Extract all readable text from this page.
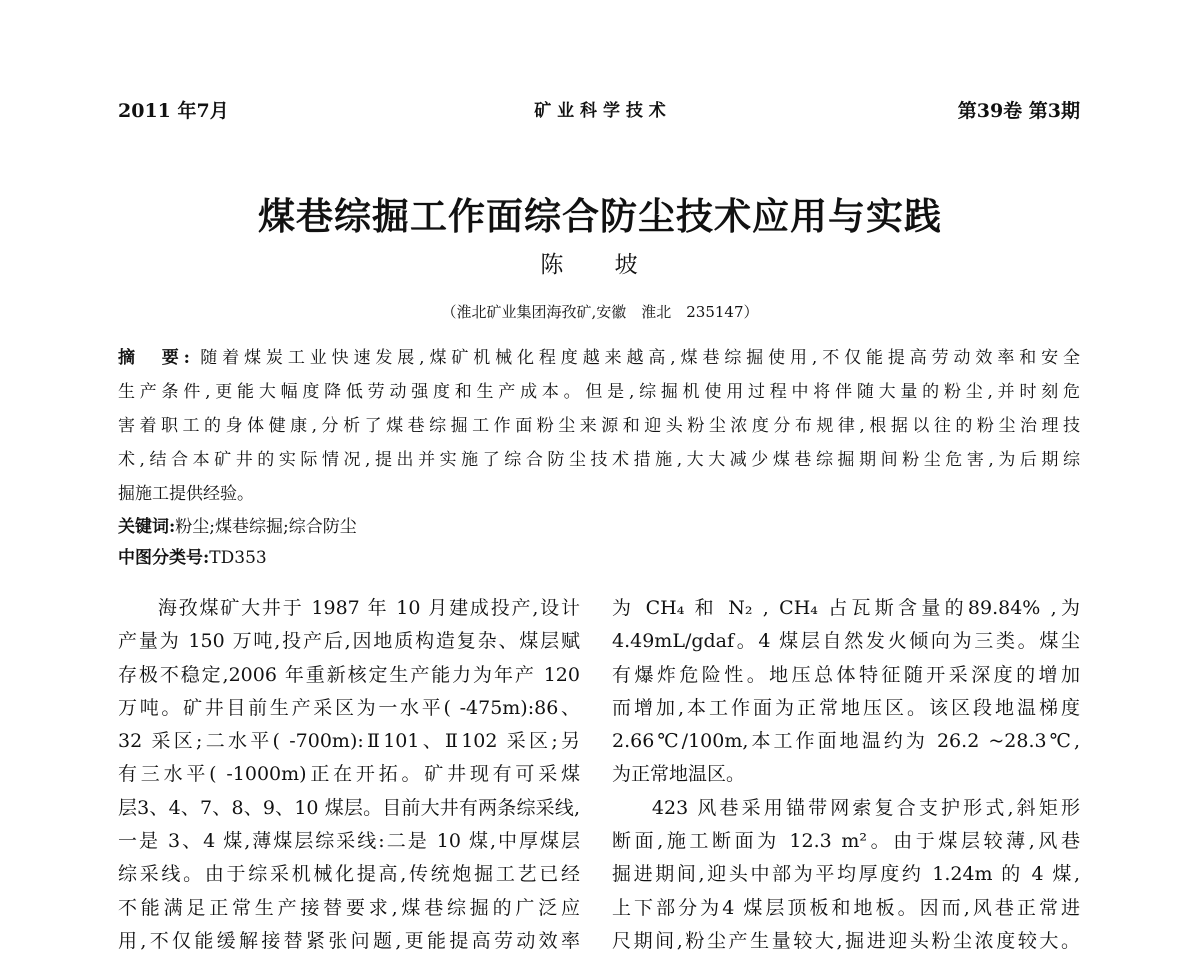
2011 年7月	矿 业 科 学 技 术	第39卷 第3期
煤巷综掘工作面综合防尘技术应用与实践
陈 坡
（淮北矿业集团海孜矿,安徽　淮北　235147）
摘　要: 随着煤炭工业快速发展,煤矿机械化程度越来越高,煤巷综掘使用,不仅能提高劳动效率和安全
生产条件,更能大幅度降低劳动强度和生产成本。但是,综掘机使用过程中将伴随大量的粉尘,并时刻危
害着职工的身体健康,分析了煤巷综掘工作面粉尘来源和迎头粉尘浓度分布规律,根据以往的粉尘治理技
术,结合本矿井的实际情况,提出并实施了综合防尘技术措施,大大减少煤巷综掘期间粉尘危害,为后期综
掘施工提供经验。
关键词:粉尘;煤巷综掘;综合防尘
中图分类号:TD353
海孜煤矿大井于 1987 年 10 月建成投产,设计
产量为 150 万吨,投产后,因地质构造复杂、煤层赋
存极不稳定,2006 年重新核定生产能力为年产 120
万吨。矿井目前生产采区为一水平( -475m):86、
32 采区;二水平( -700m):Ⅱ101、Ⅱ102 采区;另
有三水平( -1000m)正在开拓。矿井现有可采煤
层3、4、7、8、9、10 煤层。目前大井有两条综采线,
一是 3、4 煤,薄煤层综采线:二是 10 煤,中厚煤层
综采线。由于综采机械化提高,传统炮掘工艺已经
不能满足正常生产接替要求,煤巷综掘的广泛应
用,不仅能缓解接替紧张问题,更能提高劳动效率
为 CH₄ 和 N₂ , CH₄ 占瓦斯含量的89.84% ,为
4.49mL/gdaf。4 煤层自然发火倾向为三类。煤尘
有爆炸危险性。地压总体特征随开采深度的增加
而增加,本工作面为正常地压区。该区段地温梯度
2.66℃/100m,本工作面地温约为 26.2 ~28.3℃,
为正常地温区。
423 风巷采用锚带网索复合支护形式,斜矩形
断面,施工断面为 12.3 m²。由于煤层较薄,风巷
掘进期间,迎头中部为平均厚度约 1.24m 的 4 煤,
上下部分为4 煤层顶板和地板。因而,风巷正常进
尺期间,粉尘产生量较大,掘进迎头粉尘浓度较大。
